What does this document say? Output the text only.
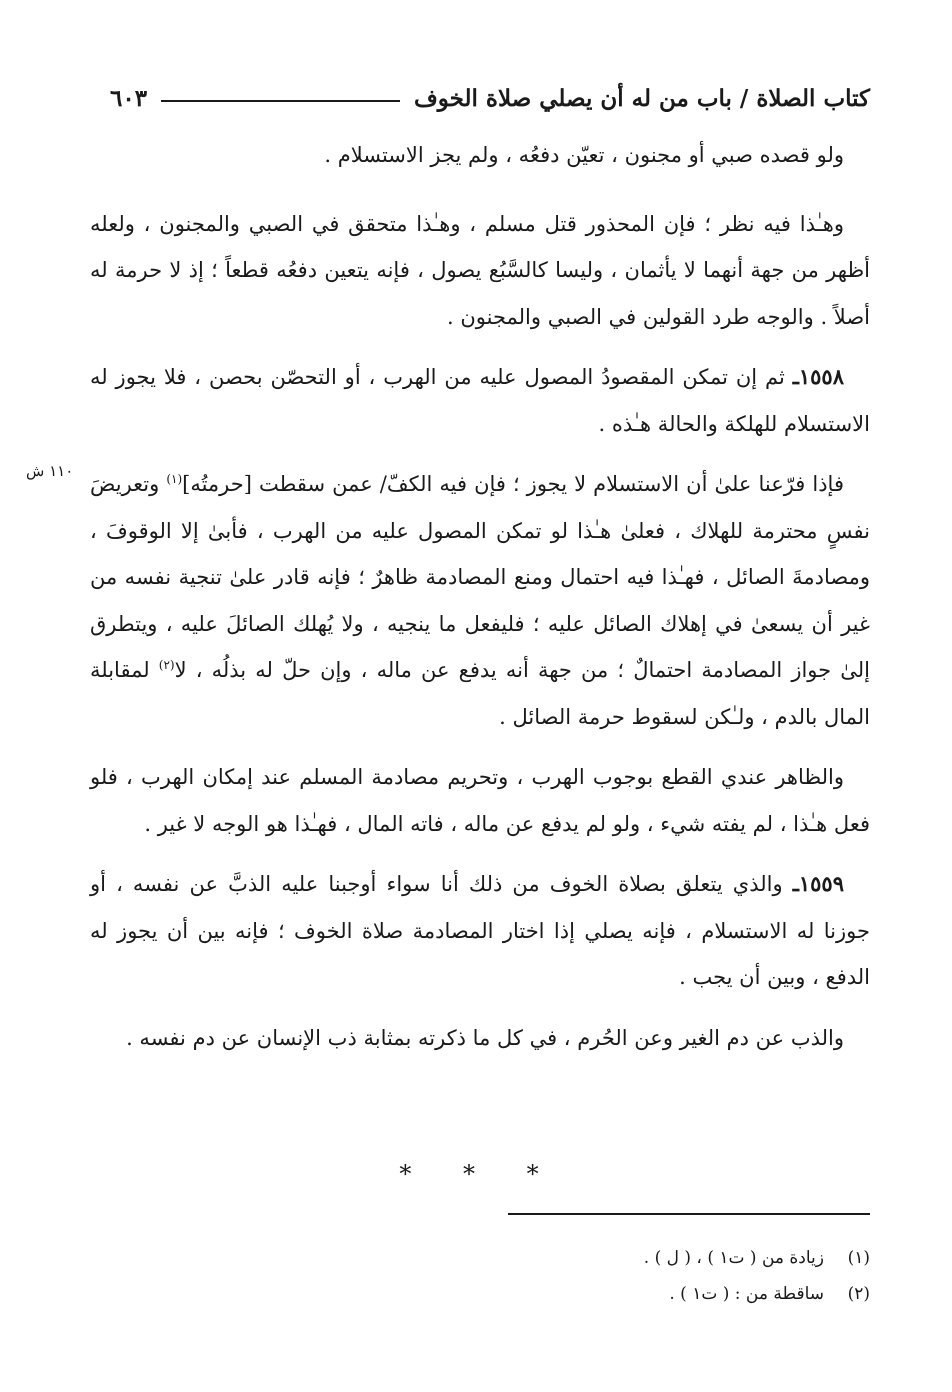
كتاب الصلاة / باب من له أن يصلي صلاة الخوف
٦٠٣

ولو قصده صبي أو مجنون ، تعيّن دفعُه ، ولم يجز الاستسلام .

وهـٰذا فيه نظر ؛ فإن المحذور قتل مسلم ، وهـٰذا متحقق في الصبي والمجنون ، ولعله أظهر من جهة أنهما لا يأثمان ، وليسا كالسَّبُع يصول ، فإنه يتعين دفعُه قطعاً ؛ إذ لا حرمة له أصلاً . والوجه طرد القولين في الصبي والمجنون .

١٥٥٨ـ ثم إن تمكن المقصودُ المصول عليه من الهرب ، أو التحصّن بحصن ، فلا يجوز له الاستسلام للهلكة والحالة هـٰذه .

فإذا فرّعنا علىٰ أن الاستسلام لا يجوز ؛ فإن فيه الكفّ/ عمن سقطت [حرمتُه]$^{(١)}$ وتعريضَ نفسٍ محترمة للهلاك ، فعلىٰ هـٰذا لو تمكن المصول عليه من الهرب ، فأبىٰ إلا الوقوفَ ، ومصادمةَ الصائل ، فهـٰذا فيه احتمال ومنع المصادمة ظاهرٌ ؛ فإنه قادر علىٰ تنجية نفسه من غير أن يسعىٰ في إهلاك الصائل عليه ؛ فليفعل ما ينجيه ، ولا يُهلك الصائلَ عليه ، ويتطرق إلىٰ جواز المصادمة احتمالٌ ؛ من جهة أنه يدفع عن ماله ، وإن حلّ له بذلُه ، لا$^{(٢)}$ لمقابلة المال بالدم ، ولـٰكن لسقوط حرمة الصائل .

والظاهر عندي القطع بوجوب الهرب ، وتحريم مصادمة المسلم عند إمكان الهرب ، فلو فعل هـٰذا ، لم يفته شيء ، ولو لم يدفع عن ماله ، فاته المال ، فهـٰذا هو الوجه لا غير .

١٥٥٩ـ والذي يتعلق بصلاة الخوف من ذلك أنا سواء أوجبنا عليه الذبَّ عن نفسه ، أو جوزنا له الاستسلام ، فإنه يصلي إذا اختار المصادمة صلاة الخوف ؛ فإنه بين أن يجوز له الدفع ، وبين أن يجب .

والذب عن دم الغير وعن الحُرم ، في كل ما ذكرته بمثابة ذب الإنسان عن دم نفسه .

١١٠ ش
* * *
(١)زيادة من ( ت١ ) ، ( ل ) .
(٢)ساقطة من : ( ت١ ) .
